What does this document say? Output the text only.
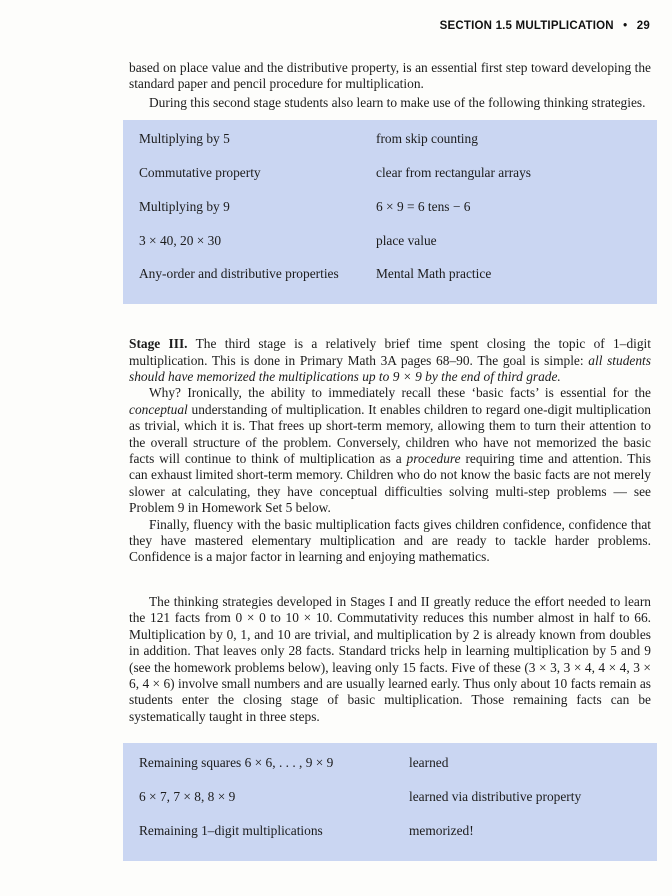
SECTION 1.5 MULTIPLICATION • 29

based on place value and the distributive property, is an essential first step toward developing the standard paper and pencil procedure for multiplication.

During this second stage students also learn to make use of the following thinking strategies.

Multiplying by 5	from skip counting
Commutative property	clear from rectangular arrays
Multiplying by 9	6 × 9 = 6 tens − 6
3 × 40, 20 × 30	place value
Any-order and distributive properties	Mental Math practice

Stage III. The third stage is a relatively brief time spent closing the topic of 1–digit multiplication. This is done in Primary Math 3A pages 68–90. The goal is simple: all students should have memorized the multiplications up to 9 × 9 by the end of third grade.

Why? Ironically, the ability to immediately recall these ‘basic facts’ is essential for the conceptual understanding of multiplication. It enables children to regard one-digit multiplication as trivial, which it is. That frees up short-term memory, allowing them to turn their attention to the overall structure of the problem. Conversely, children who have not memorized the basic facts will continue to think of multiplication as a procedure requiring time and attention. This can exhaust limited short-term memory. Children who do not know the basic facts are not merely slower at calculating, they have conceptual difficulties solving multi-step problems — see Problem 9 in Homework Set 5 below.

Finally, fluency with the basic multiplication facts gives children confidence, confidence that they have mastered elementary multiplication and are ready to tackle harder problems. Confidence is a major factor in learning and enjoying mathematics.

The thinking strategies developed in Stages I and II greatly reduce the effort needed to learn the 121 facts from 0 × 0 to 10 × 10. Commutativity reduces this number almost in half to 66. Multiplication by 0, 1, and 10 are trivial, and multiplication by 2 is already known from doubles in addition. That leaves only 28 facts. Standard tricks help in learning multiplication by 5 and 9 (see the homework problems below), leaving only 15 facts. Five of these (3 × 3, 3 × 4, 4 × 4, 3 × 6, 4 × 6) involve small numbers and are usually learned early. Thus only about 10 facts remain as students enter the closing stage of basic multiplication. Those remaining facts can be systematically taught in three steps.

Remaining squares 6 × 6, . . . , 9 × 9	learned
6 × 7, 7 × 8, 8 × 9	learned via distributive property
Remaining 1–digit multiplications	memorized!
